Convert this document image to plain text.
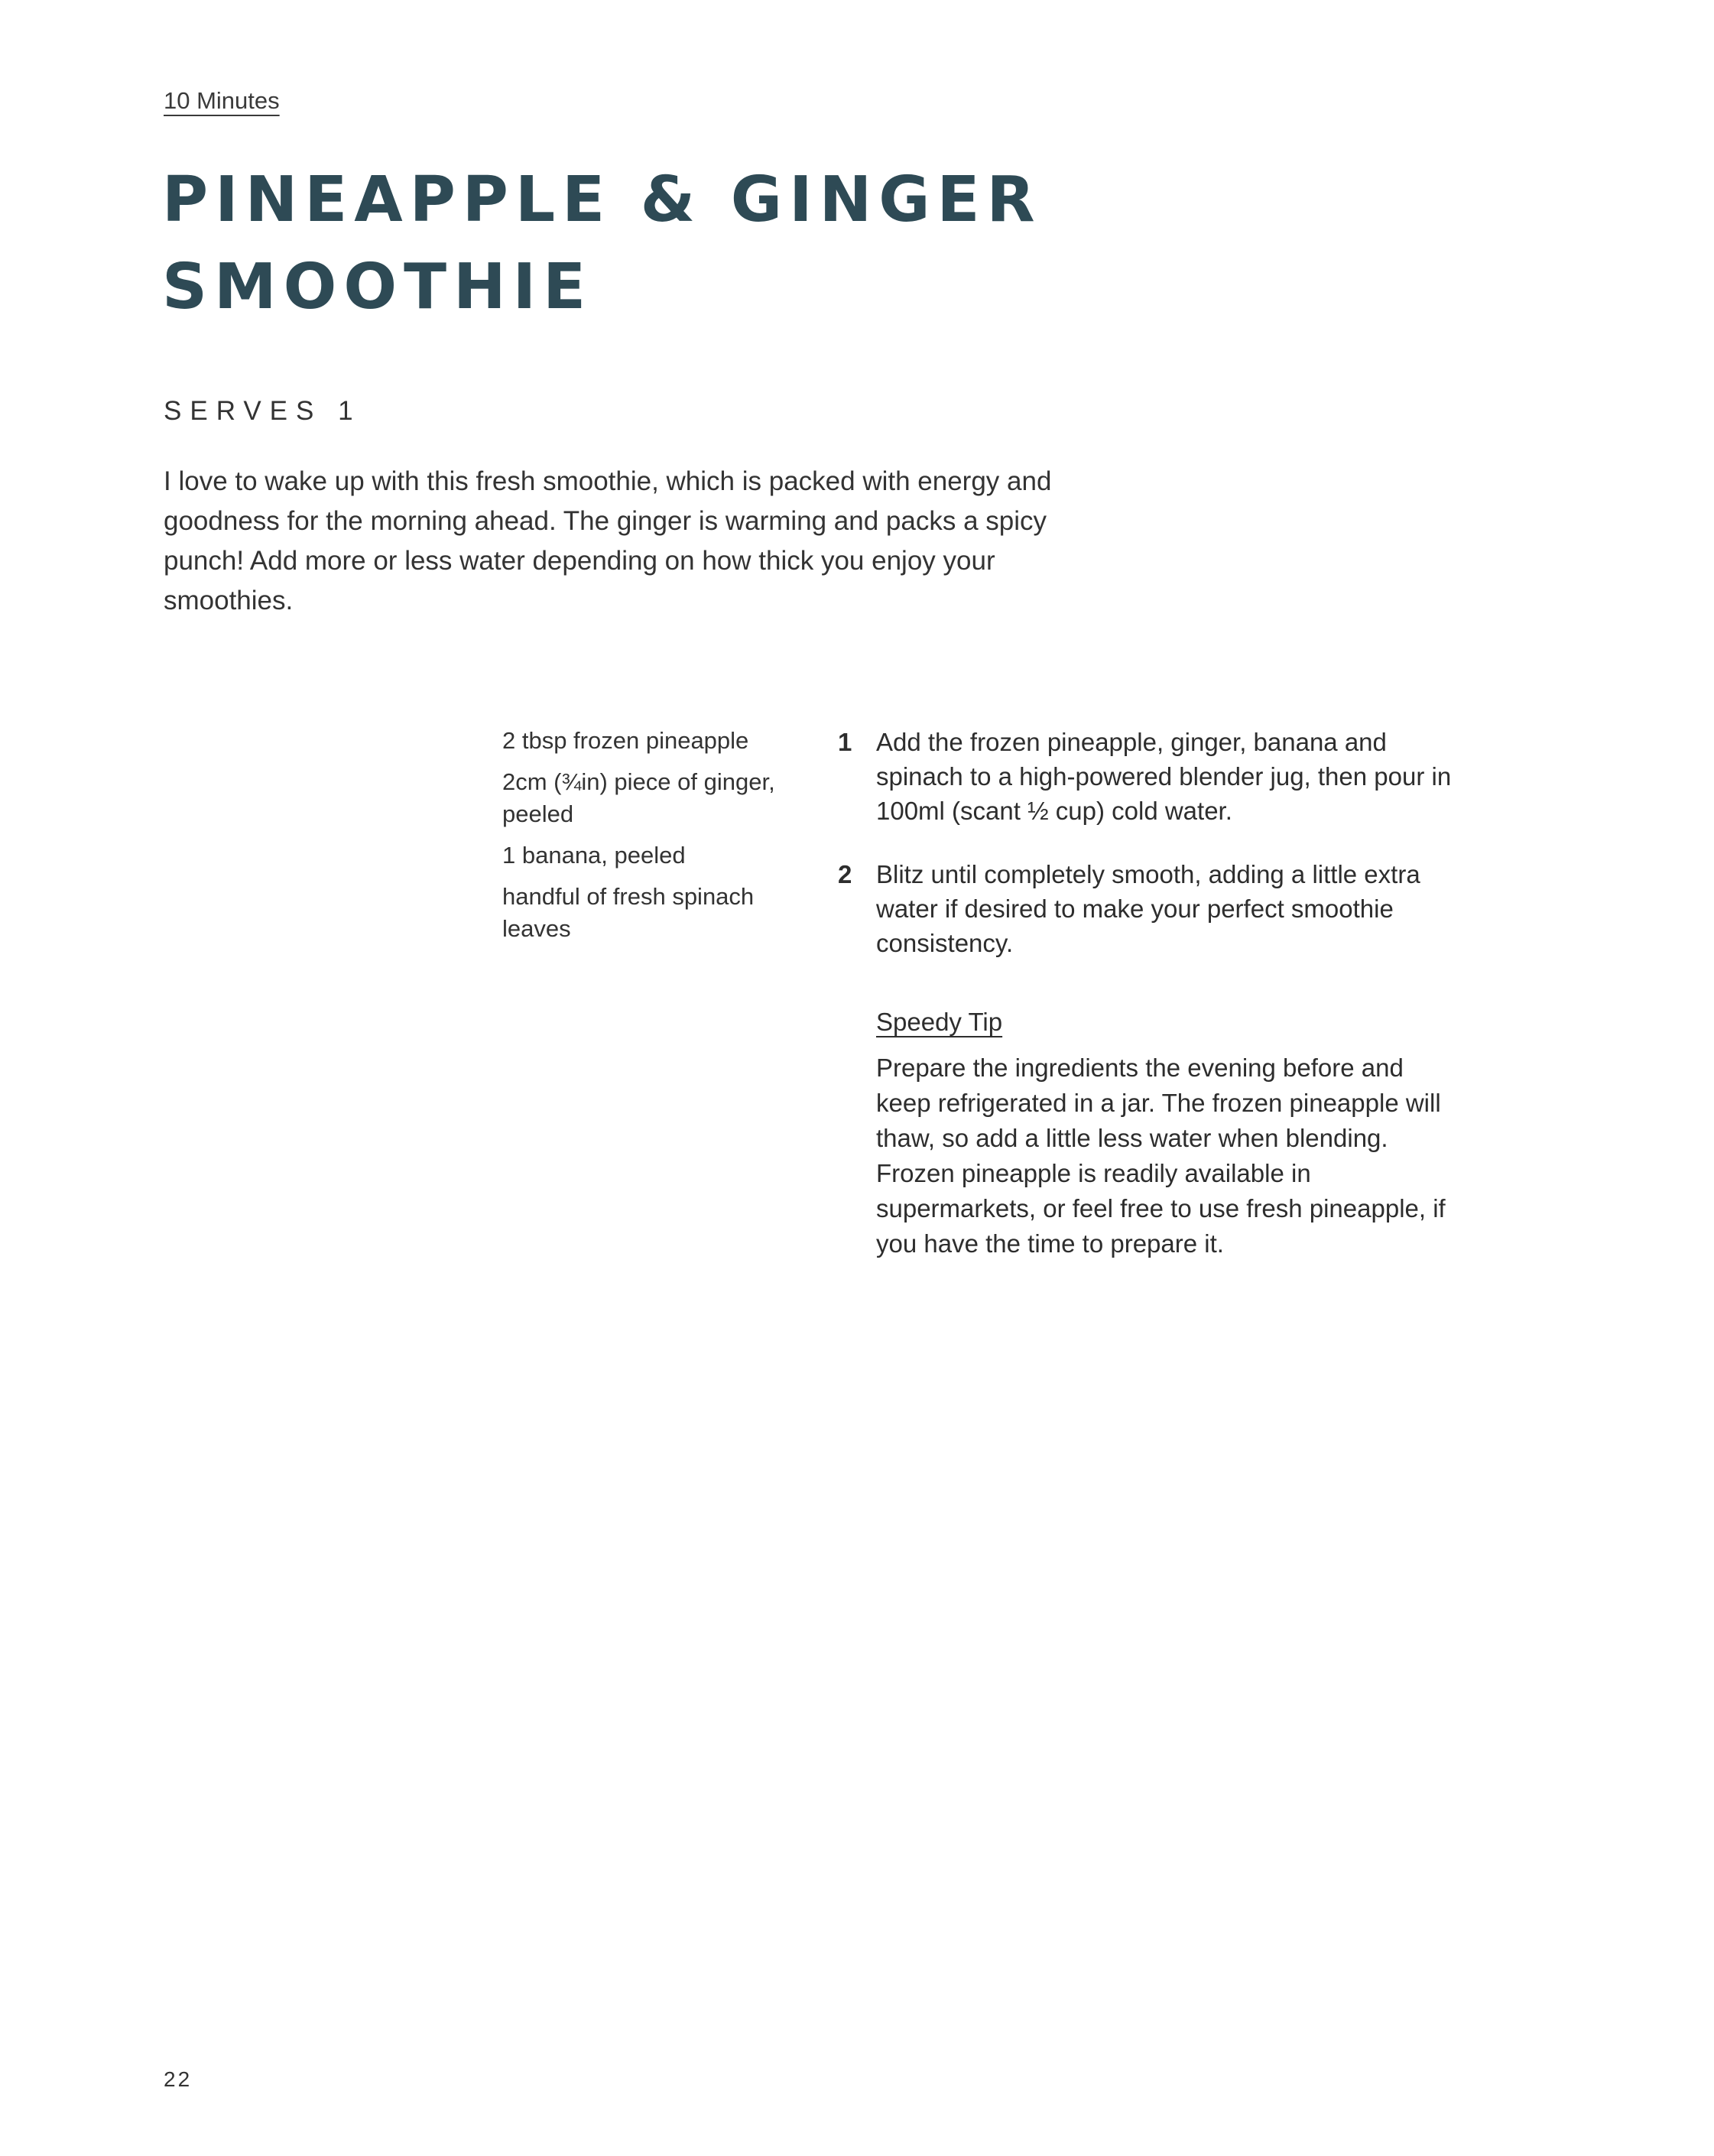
10 Minutes
PINEAPPLE & GINGER
SMOOTHIE
SERVES 1

I love to wake up with this fresh smoothie, which is packed with energy and goodness for the morning ahead. The ginger is warming and packs a spicy punch! Add more or less water depending on how thick you enjoy your smoothies.

2 tbsp frozen pineapple
2cm (¾in) piece of ginger, peeled
1 banana, peeled
handful of fresh spinach leaves
1 Add the frozen pineapple, ginger, banana and spinach to a high-powered blender jug, then pour in 100ml (scant ½ cup) cold water.
2 Blitz until completely smooth, adding a little extra water if desired to make your perfect smoothie consistency.
Speedy Tip

Prepare the ingredients the evening before and keep refrigerated in a jar. The frozen pineapple will thaw, so add a little less water when blending. Frozen pineapple is readily available in supermarkets, or feel free to use fresh pineapple, if you have the time to prepare it.

22
